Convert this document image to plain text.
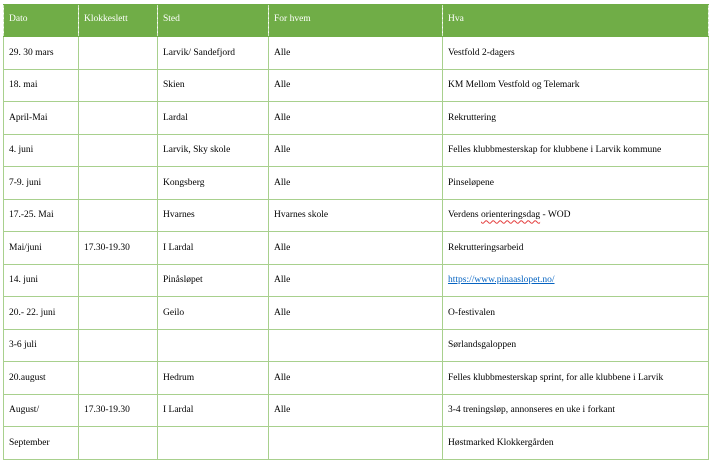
Dato	Klokkeslett	Sted	For hvem	Hva
29. 30 mars		Larvik/ Sandefjord	Alle	Vestfold 2-dagers
18. mai		Skien	Alle	KM Mellom Vestfold og Telemark
April-Mai		Lardal	Alle	Rekruttering
4. juni		Larvik, Sky skole	Alle	Felles klubbmesterskap for klubbene i Larvik kommune
7-9. juni		Kongsberg	Alle	Pinseløpene
17.-25. Mai		Hvarnes	Hvarnes skole	Verdens orienteringsdag - WOD
Mai/juni	17.30-19.30	I Lardal	Alle	Rekrutteringsarbeid
14. juni		Pinåsløpet	Alle	https://www.pinaaslopet.no/
20.- 22. juni		Geilo	Alle	O-festivalen
3-6 juli				Sørlandsgaloppen
20.august		Hedrum	Alle	Felles klubbmesterskap sprint, for alle klubbene i Larvik
August/	17.30-19.30	I Lardal	Alle	3-4 treningsløp, annonseres en uke i forkant
September				Høstmarked Klokkergården
